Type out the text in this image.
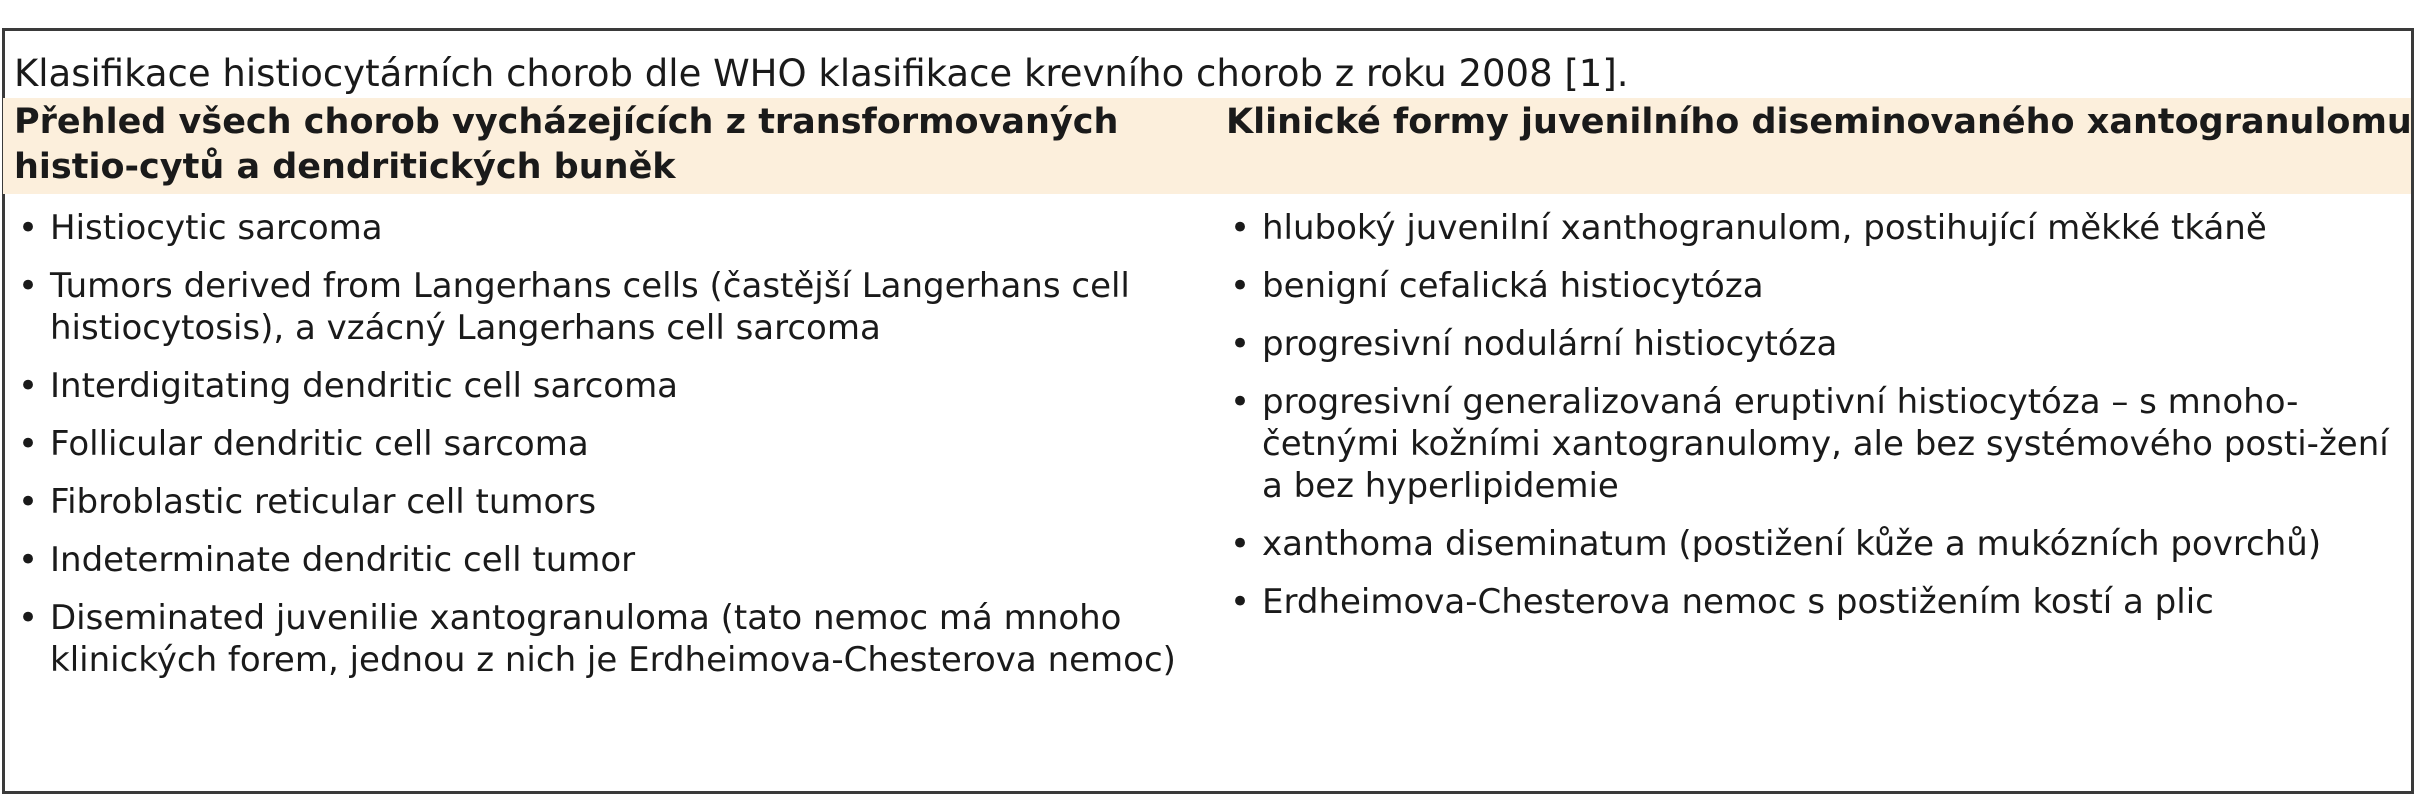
Klasifikace histiocytárních chorob dle WHO klasifikace krevního chorob z roku 2008 [1].
Přehled všech chorob vycházejících z transformovaných histio-cytů a dendritických buněk
Klinické formy juvenilního diseminovaného xantogranulomu
• Histiocytic sarcoma
• Tumors derived from Langerhans cells (častější Langerhans cell histiocytosis), a vzácný Langerhans cell sarcoma
• Interdigitating dendritic cell sarcoma
• Follicular dendritic cell sarcoma
• Fibroblastic reticular cell tumors
• Indeterminate dendritic cell tumor
• Diseminated juvenilie xantogranuloma (tato nemoc má mnoho klinických forem, jednou z nich je Erdheimova-Chesterova nemoc)
• hluboký juvenilní xanthogranulom, postihující měkké tkáně
• benigní cefalická histiocytóza
• progresivní nodulární histiocytóza
• progresivní generalizovaná eruptivní histiocytóza – s mnoho-četnými kožními xantogranulomy, ale bez systémového posti-žení a bez hyperlipidemie
• xanthoma diseminatum (postižení kůže a mukózních povrchů)
• Erdheimova-Chesterova nemoc s postižením kostí a plic
